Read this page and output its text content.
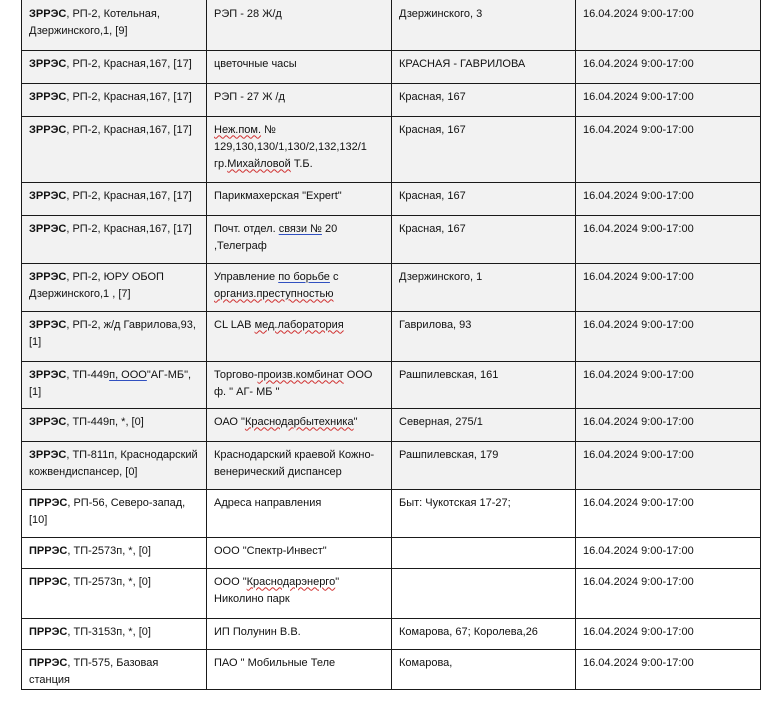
ЗРРЭС, РП-2, Котельная, Дзержинского,1, [9]	РЭП - 28 Ж/д	Дзержинского, 3	16.04.2024 9:00-17:00
ЗРРЭС, РП-2, Красная,167, [17]	цветочные часы	КРАСНАЯ - ГАВРИЛОВА	16.04.2024 9:00-17:00
ЗРРЭС, РП-2, Красная,167, [17]	РЭП - 27 Ж /д	Красная, 167	16.04.2024 9:00-17:00
ЗРРЭС, РП-2, Красная,167, [17]	Неж.пом. № 129,130,130/1,130/2,132,132/1 гр.Михайловой Т.Б.	Красная, 167	16.04.2024 9:00-17:00
ЗРРЭС, РП-2, Красная,167, [17]	Парикмахерская "Expert"	Красная, 167	16.04.2024 9:00-17:00
ЗРРЭС, РП-2, Красная,167, [17]	Почт. отдел. связи № 20 ,Телеграф	Красная, 167	16.04.2024 9:00-17:00
ЗРРЭС, РП-2, ЮРУ ОБОП Дзержинского,1 , [7]	Управление по борьбе с организ.преступностью	Дзержинского, 1	16.04.2024 9:00-17:00
ЗРРЭС, РП-2, ж/д Гаврилова,93, [1]	CL LAB мед.лаборатория	Гаврилова, 93	16.04.2024 9:00-17:00
ЗРРЭС, ТП-449п, ООО"АГ-МБ", [1]	Торгово-произв.комбинат ООО ф. " АГ- МБ "	Рашпилевская, 161	16.04.2024 9:00-17:00
ЗРРЭС, ТП-449п, *, [0]	ОАО "Краснодарбытехника"	Северная, 275/1	16.04.2024 9:00-17:00
ЗРРЭС, ТП-811п, Краснодарский кожвендиспансер, [0]	Краснодарский краевой Кожно-венерический диспансер	Рашпилевская, 179	16.04.2024 9:00-17:00
ПРРЭС, РП-56, Северо-запад, [10]	Адреса направления	Быт: Чукотская 17-27;	16.04.2024 9:00-17:00
ПРРЭС, ТП-2573п, *, [0]	ООО "Спектр-Инвест"		16.04.2024 9:00-17:00
ПРРЭС, ТП-2573п, *, [0]	ООО "Краснодарэнерго" Николино парк		16.04.2024 9:00-17:00
ПРРЭС, ТП-3153п, *, [0]	ИП Полунин В.В.	Комарова, 67; Королева,26	16.04.2024 9:00-17:00
ПРРЭС, ТП-575, Базовая станция	ПАО " Мобильные Теле	Комарова,	16.04.2024 9:00-17:00
